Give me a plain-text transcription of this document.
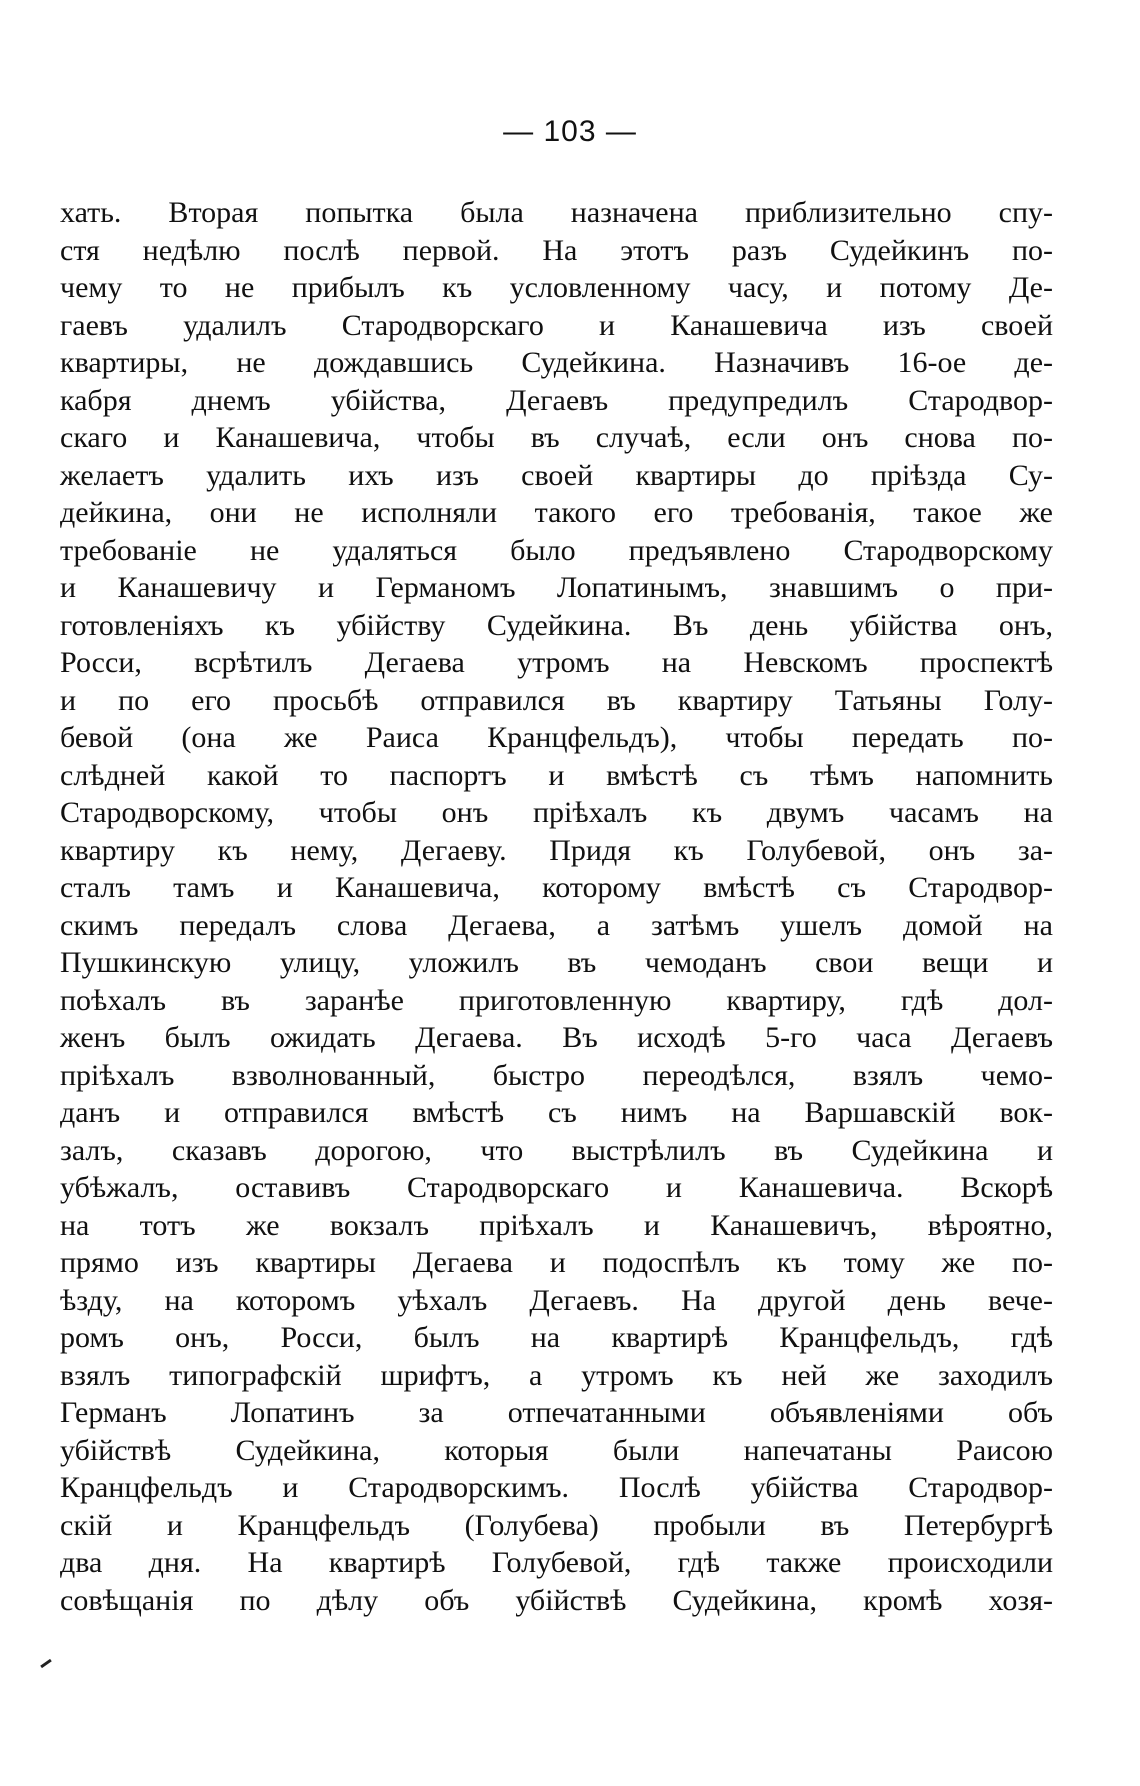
— 103 —
хать. Вторая попытка была назначена приблизительно спу-
стя недѣлю послѣ первой. На этотъ разъ Судейкинъ по-
чему то не прибылъ къ условленному часу, и потому Де-
гаевъ удалилъ Стародворскаго и Канашевича изъ своей
квартиры, не дождавшись Судейкина. Назначивъ 16-ое де-
кабря днемъ убійства, Дегаевъ предупредилъ Стародвор-
скаго и Канашевича, чтобы въ случаѣ, если онъ снова по-
желаетъ удалить ихъ изъ своей квартиры до пріѣзда Су-
дейкина, они не исполняли такого его требованія, такое же
требованіе не удаляться было предъявлено Стародворскому
и Канашевичу и Германомъ Лопатинымъ, знавшимъ о при-
готовленіяхъ къ убійству Судейкина. Въ день убійства онъ,
Росси, всрѣтилъ Дегаева утромъ на Невскомъ проспектѣ
и по его просьбѣ отправился въ квартиру Татьяны Голу-
бевой (она же Раиса Кранцфельдъ), чтобы передать по-
слѣдней какой то паспортъ и вмѣстѣ съ тѣмъ напомнить
Стародворскому, чтобы онъ пріѣхалъ къ двумъ часамъ на
квартиру къ нему, Дегаеву. Придя къ Голубевой, онъ за-
сталъ тамъ и Канашевича, которому вмѣстѣ съ Стародвор-
скимъ передалъ слова Дегаева, а затѣмъ ушелъ домой на
Пушкинскую улицу, уложилъ въ чемоданъ свои вещи и
поѣхалъ въ заранѣе приготовленную квартиру, гдѣ дол-
женъ былъ ожидать Дегаева. Въ исходѣ 5-го часа Дегаевъ
пріѣхалъ взволнованный, быстро переодѣлся, взялъ чемо-
данъ и отправился вмѣстѣ съ нимъ на Варшавскій вок-
залъ, сказавъ дорогою, что выстрѣлилъ въ Судейкина и
убѣжалъ, оставивъ Стародворскаго и Канашевича. Вскорѣ
на тотъ же вокзалъ пріѣхалъ и Канашевичъ, вѣроятно,
прямо изъ квартиры Дегаева и подоспѣлъ къ тому же по-
ѣзду, на которомъ уѣхалъ Дегаевъ. На другой день вече-
ромъ онъ, Росси, былъ на квартирѣ Кранцфельдъ, гдѣ
взялъ типографскій шрифтъ, а утромъ къ ней же заходилъ
Германъ Лопатинъ за отпечатанными объявленіями объ
убійствѣ Судейкина, которыя были напечатаны Раисою
Кранцфельдъ и Стародворскимъ. Послѣ убійства Стародвор-
скій и Кранцфельдъ (Голубева) пробыли въ Петербургѣ
два дня. На квартирѣ Голубевой, гдѣ также происходили
совѣщанія по дѣлу объ убійствѣ Судейкина, кромѣ хозя-
